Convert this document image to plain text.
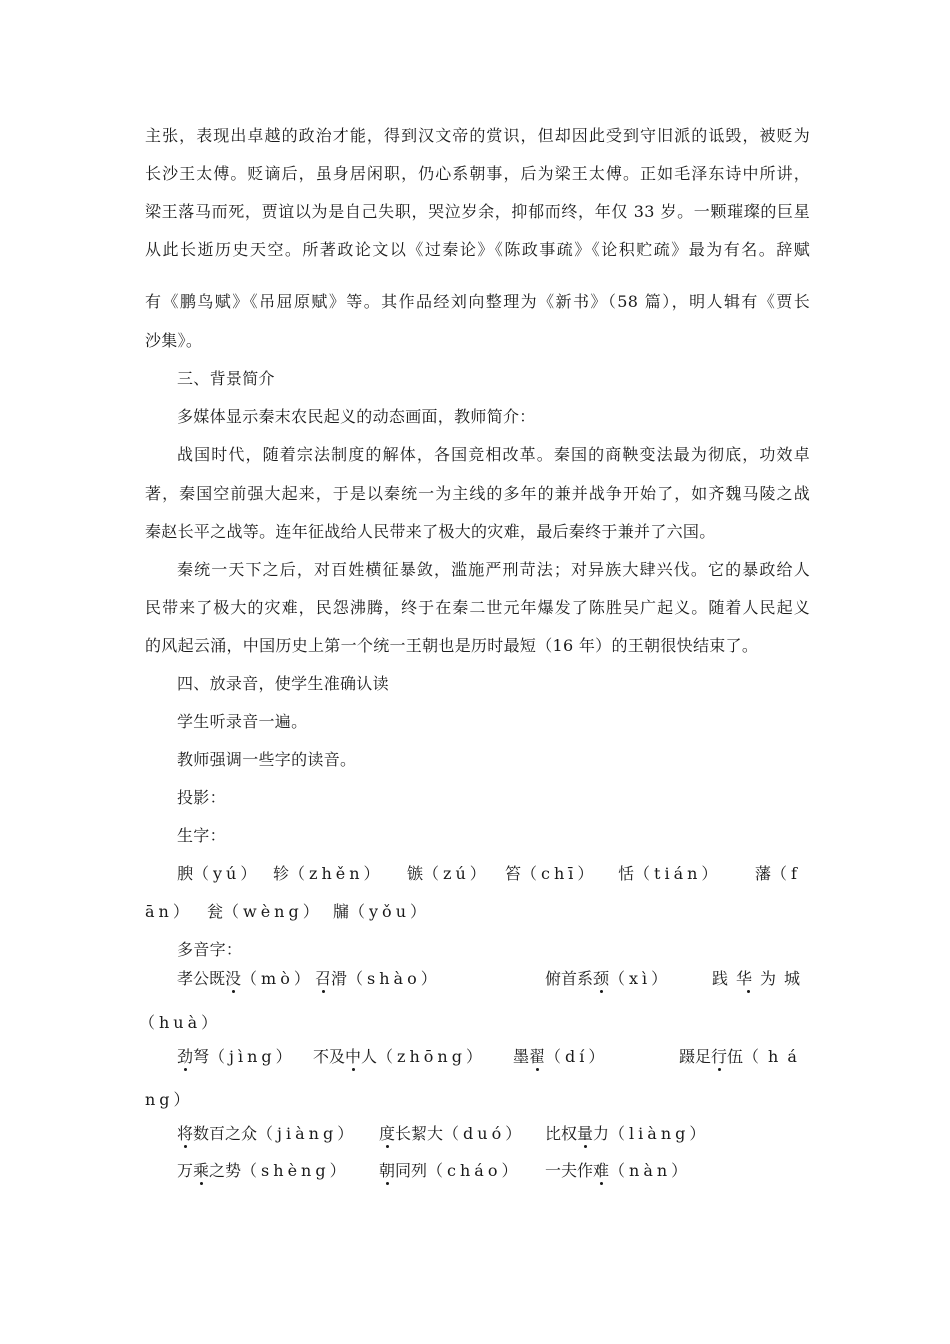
主张，表现出卓越的政治才能，得到汉文帝的赏识，但却因此受到守旧派的诋毁，被贬为
长沙王太傅。贬谪后，虽身居闲职，仍心系朝事，后为梁王太傅。正如毛泽东诗中所讲，
梁王落马而死，贾谊以为是自己失职，哭泣岁余，抑郁而终，年仅 33 岁。一颗璀璨的巨星
从此长逝历史天空。所著政论文以《过秦论》《陈政事疏》《论积贮疏》最为有名。辞赋
有《鹏鸟赋》《吊屈原赋》等。其作品经刘向整理为《新书》（58 篇），明人辑有《贾长
沙集》。
三、背景简介
多媒体显示秦末农民起义的动态画面，教师简介：
战国时代，随着宗法制度的解体，各国竞相改革。秦国的商鞅变法最为彻底，功效卓
著，秦国空前强大起来，于是以秦统一为主线的多年的兼并战争开始了，如齐魏马陵之战
秦赵长平之战等。连年征战给人民带来了极大的灾难，最后秦终于兼并了六国。
秦统一天下之后，对百姓横征暴敛，滥施严刑苛法；对异族大肆兴伐。它的暴政给人
民带来了极大的灾难，民怨沸腾，终于在秦二世元年爆发了陈胜吴广起义。随着人民起义
的风起云涌，中国历史上第一个统一王朝也是历时最短（16 年）的王朝很快结束了。
四、放录音，使学生准确认读
学生听录音一遍。
教师强调一些字的读音。
投影：
生字：
腴（yú） 轸（zhěn） 镞（zú） 笞（chī） 恬（tián） 藩（f
ān） 瓮（wèng） 牖（yǒu）
多音字：
孝公既没（mò） 召滑（shào）	俯首系颈（xì）	践华为城
（huà）
劲弩（jìng） 不及中人（zhōng） 墨翟（dí）	蹑足行伍（há
ng）
将数百之众（jiàng） 度长絜大（duó） 比权量力（liàng）
万乘之势（shèng） 朝同列（cháo） 一夫作难（nàn）
